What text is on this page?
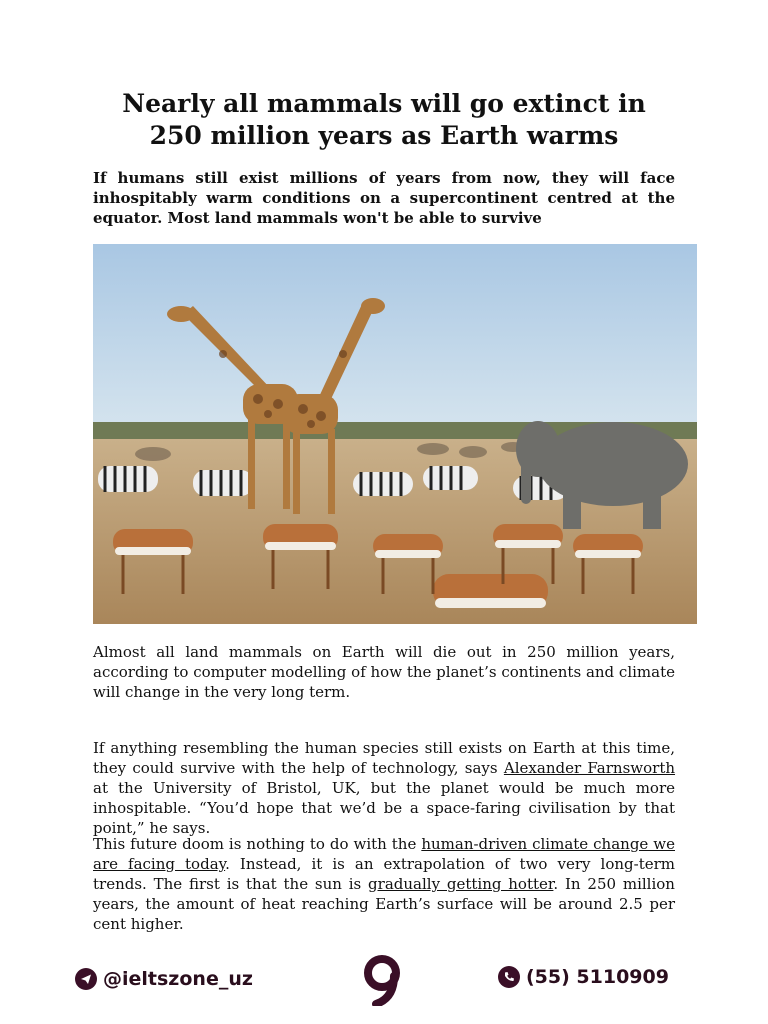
Nearly all mammals will go extinct in 250 million years as Earth warms

If humans still exist millions of years from now, they will face inhospitably warm conditions on a supercontinent centred at the equator. Most land mammals won't be able to survive

Almost all land mammals on Earth will die out in 250 million years, according to computer modelling of how the planet’s continents and climate will change in the very long term.

If anything resembling the human species still exists on Earth at this time, they could survive with the help of technology, says Alexander Farnsworth at the University of Bristol, UK, but the planet would be much more inhospitable. “You’d hope that we’d be a space-faring civilisation by that point,” he says.

This future doom is nothing to do with the human-driven climate change we are facing today. Instead, it is an extrapolation of two very long-term trends. The first is that the sun is gradually getting hotter. In 250 million years, the amount of heat reaching Earth’s surface will be around 2.5 per cent higher.

@ieltszone_uz	(55) 5110909
